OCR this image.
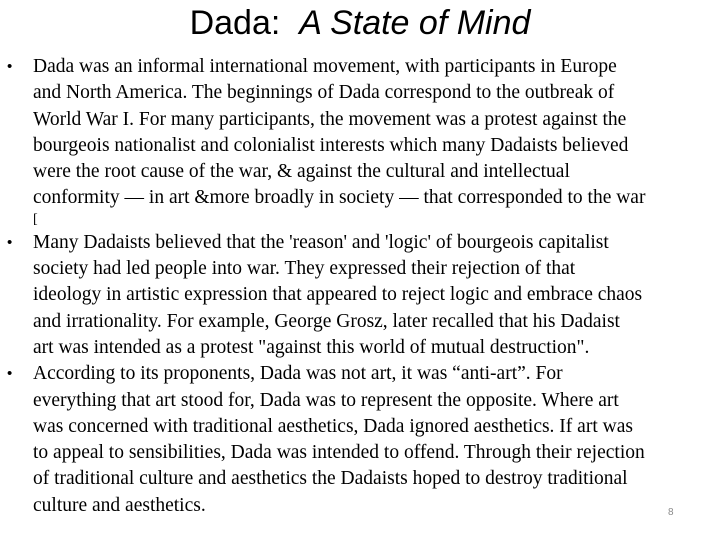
Dada: A State of Mind
• Dada was an informal international movement, with participants in Europe
and North America. The beginnings of Dada correspond to the outbreak of
World War I. For many participants, the movement was a protest against the
bourgeois nationalist and colonialist interests which many Dadaists believed
were the root cause of the war, & against the cultural and intellectual
conformity — in art &more broadly in society — that corresponded to the war
[
• Many Dadaists believed that the 'reason' and 'logic' of bourgeois capitalist
society had led people into war. They expressed their rejection of that
ideology in artistic expression that appeared to reject logic and embrace chaos
and irrationality. For example, George Grosz, later recalled that his Dadaist
art was intended as a protest "against this world of mutual destruction".
• According to its proponents, Dada was not art, it was “anti-art”. For
everything that art stood for, Dada was to represent the opposite. Where art
was concerned with traditional aesthetics, Dada ignored aesthetics. If art was
to appeal to sensibilities, Dada was intended to offend. Through their rejection
of traditional culture and aesthetics the Dadaists hoped to destroy traditional
culture and aesthetics.	8
